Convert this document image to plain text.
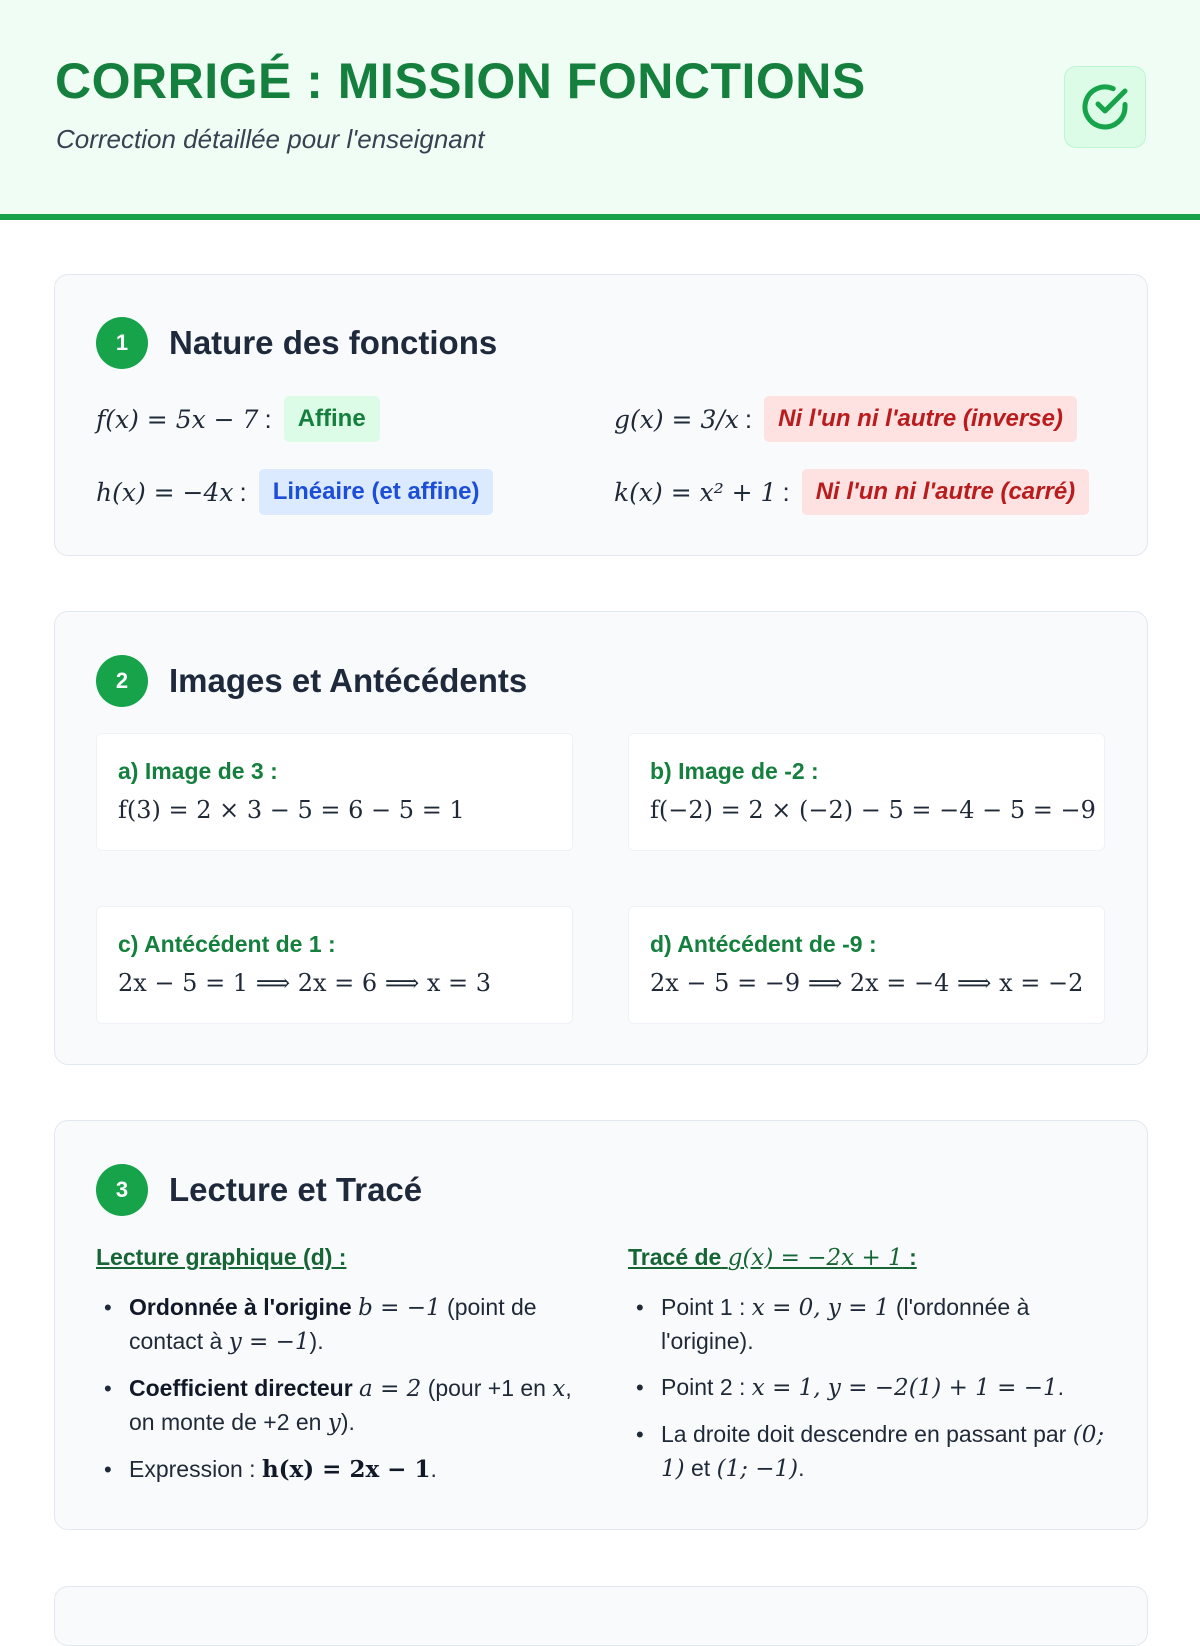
CORRIGÉ : MISSION FONCTIONS
Correction détaillée pour l'enseignant
1	Nature des fonctions
f(x) = 5x − 7 :	Affine	g(x) = 3/x :	Ni l'un ni l'autre (inverse)
h(x) = −4x :	Linéaire (et affine)	k(x) = x² + 1 :	Ni l'un ni l'autre (carré)
2	Images et Antécédents
a) Image de 3 :
f(3) = 2 × 3 − 5 = 6 − 5 = 1
b) Image de -2 :
f(−2) = 2 × (−2) − 5 = −4 − 5 = −9
c) Antécédent de 1 :
2x − 5 = 1 ⟹ 2x = 6 ⟹ x = 3
d) Antécédent de -9 :
2x − 5 = −9 ⟹ 2x = −4 ⟹ x = −2
3	Lecture et Tracé
Lecture graphique (d) :
• Ordonnée à l'origine b = −1 (point de contact à y = −1).
• Coefficient directeur a = 2 (pour +1 en x, on monte de +2 en y).
• Expression : h(x) = 2x − 1.
Tracé de g(x) = −2x + 1 :
• Point 1 : x = 0, y = 1 (l'ordonnée à l'origine).
• Point 2 : x = 1, y = −2(1) + 1 = −1.
• La droite doit descendre en passant par (0; 1) et (1; −1).
